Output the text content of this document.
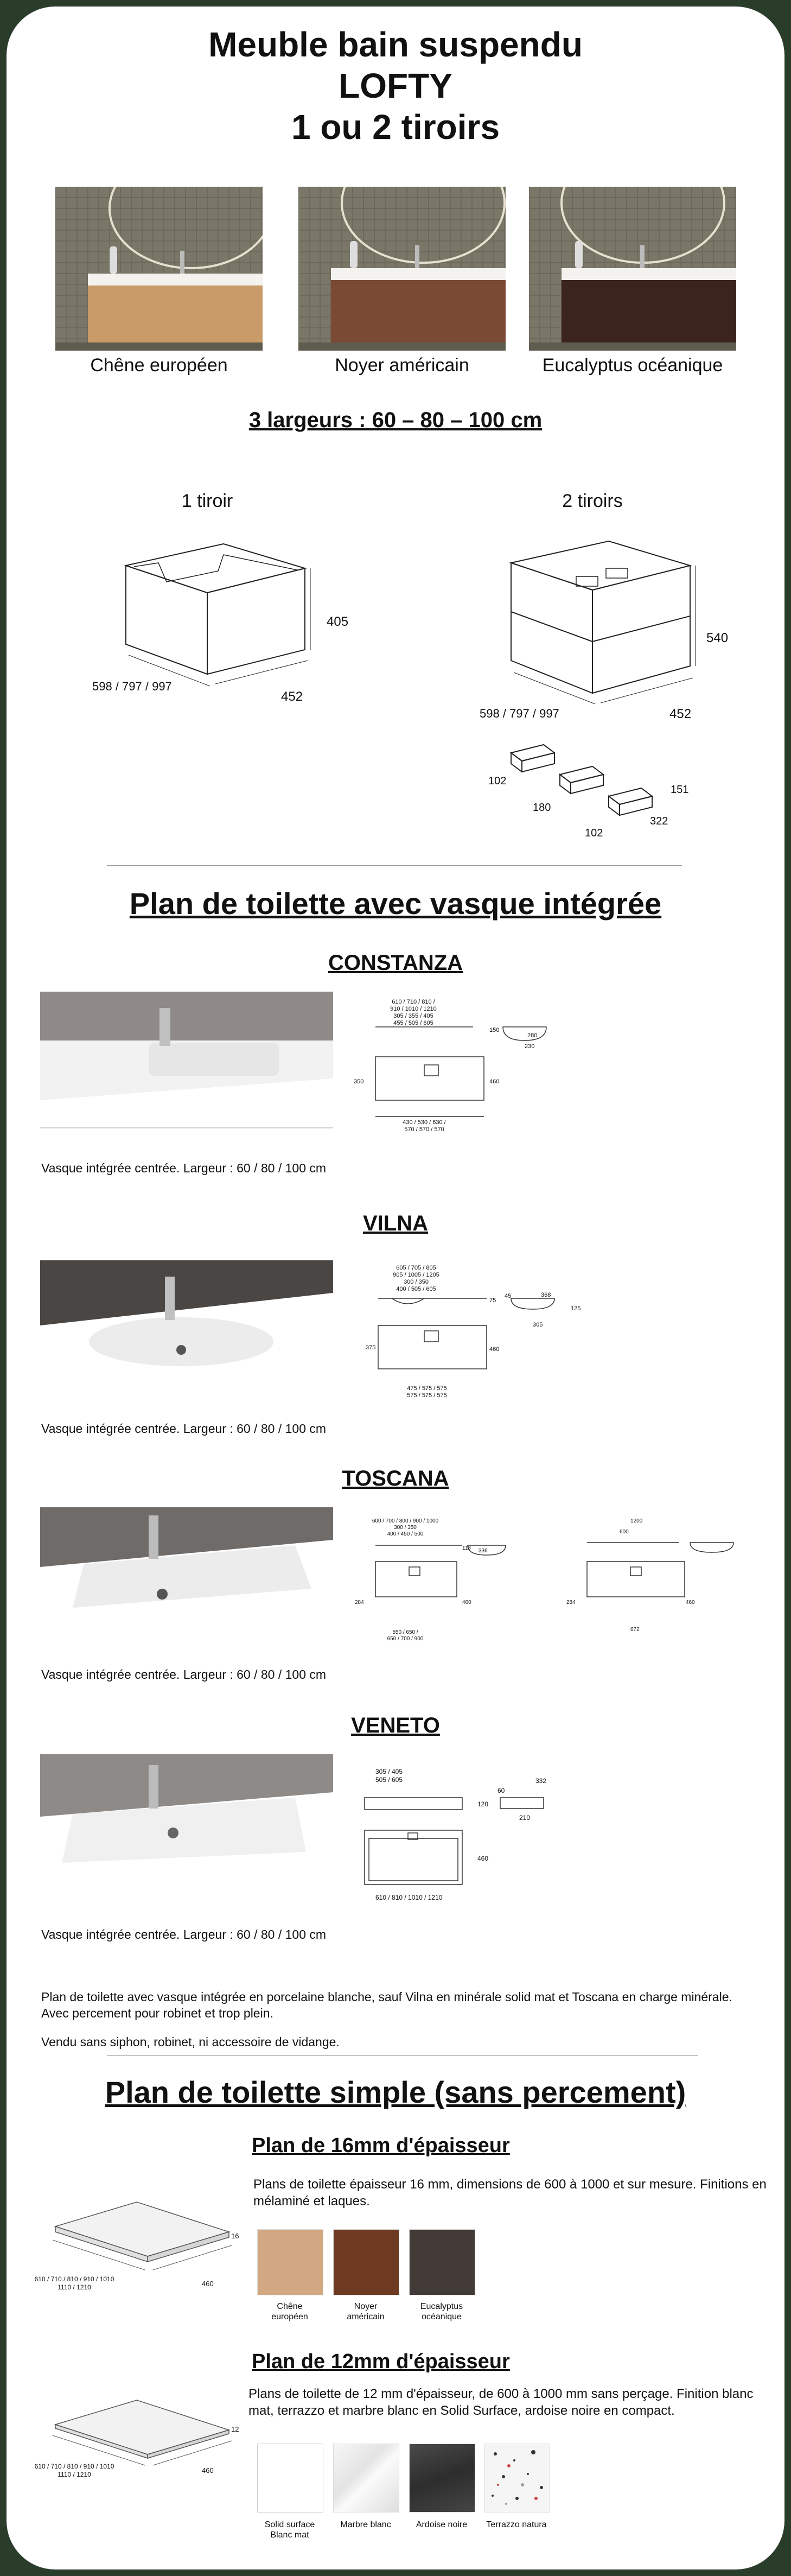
Meuble bain suspendu
LOFTY
1 ou 2 tiroirs
Chêne européen	Noyer américain	Eucalyptus océanique
3 largeurs : 60 – 80 – 100 cm
1 tiroir
405
598 / 797 / 997
452
2 tiroirs
540
598 / 797 / 997	452
102
180
151
322
102
Plan de toilette avec vasque intégrée
CONSTANZA
610 / 710 / 810 /
910 / 1010 / 1210
305 / 355 / 405
455 / 505 / 605
150
280
230
350	460
430 / 530 / 630 /
570 / 570 / 570
Vasque intégrée centrée. Largeur : 60 / 80 / 100 cm
VILNA
605 / 705 / 805
905 / 1005 / 1205
300 / 350
400 / 505 / 605
75
45	368
125
305
375	460
475 / 575 / 575
575 / 575 / 575
Vasque intégrée centrée. Largeur : 60 / 80 / 100 cm
TOSCANA
600 / 700 / 800 / 900 / 1000
300 / 350
400 / 450 / 500
118
284	460
550 / 650 /
650 / 700 / 900
336
1200
600
460
284
672
Vasque intégrée centrée. Largeur : 60 / 80 / 100 cm
VENETO
305 / 405
505 / 605
120
60
332
210
460
610 / 810 / 1010 / 1210
Vasque intégrée centrée. Largeur : 60 / 80 / 100 cm
Plan de toilette avec vasque intégrée en porcelaine blanche, sauf Vilna en minérale solid mat et Toscana en charge minérale. Avec percement pour robinet et trop plein.
Vendu sans siphon, robinet, ni accessoire de vidange.
Plan de toilette simple (sans percement)
Plan de 16mm d'épaisseur
Plans de toilette épaisseur 16 mm, dimensions de 600 à 1000 et sur mesure. Finitions en mélaminé et laques.
610 / 710 / 810 / 910 / 1010
1110 / 1210	460
16
Chêne
européen
Noyer
américain
Eucalyptus
océanique
Plan de 12mm d'épaisseur
Plans de toilette de 12 mm d'épaisseur, de 600 à 1000 mm sans perçage. Finition blanc mat, terrazzo et marbre blanc en Solid Surface, ardoise noire en compact.
610 / 710 / 810 / 910 / 1010
1110 / 1210	460
12
Solid surface
Blanc mat
Marbre blanc	Ardoise noire	Terrazzo natura
